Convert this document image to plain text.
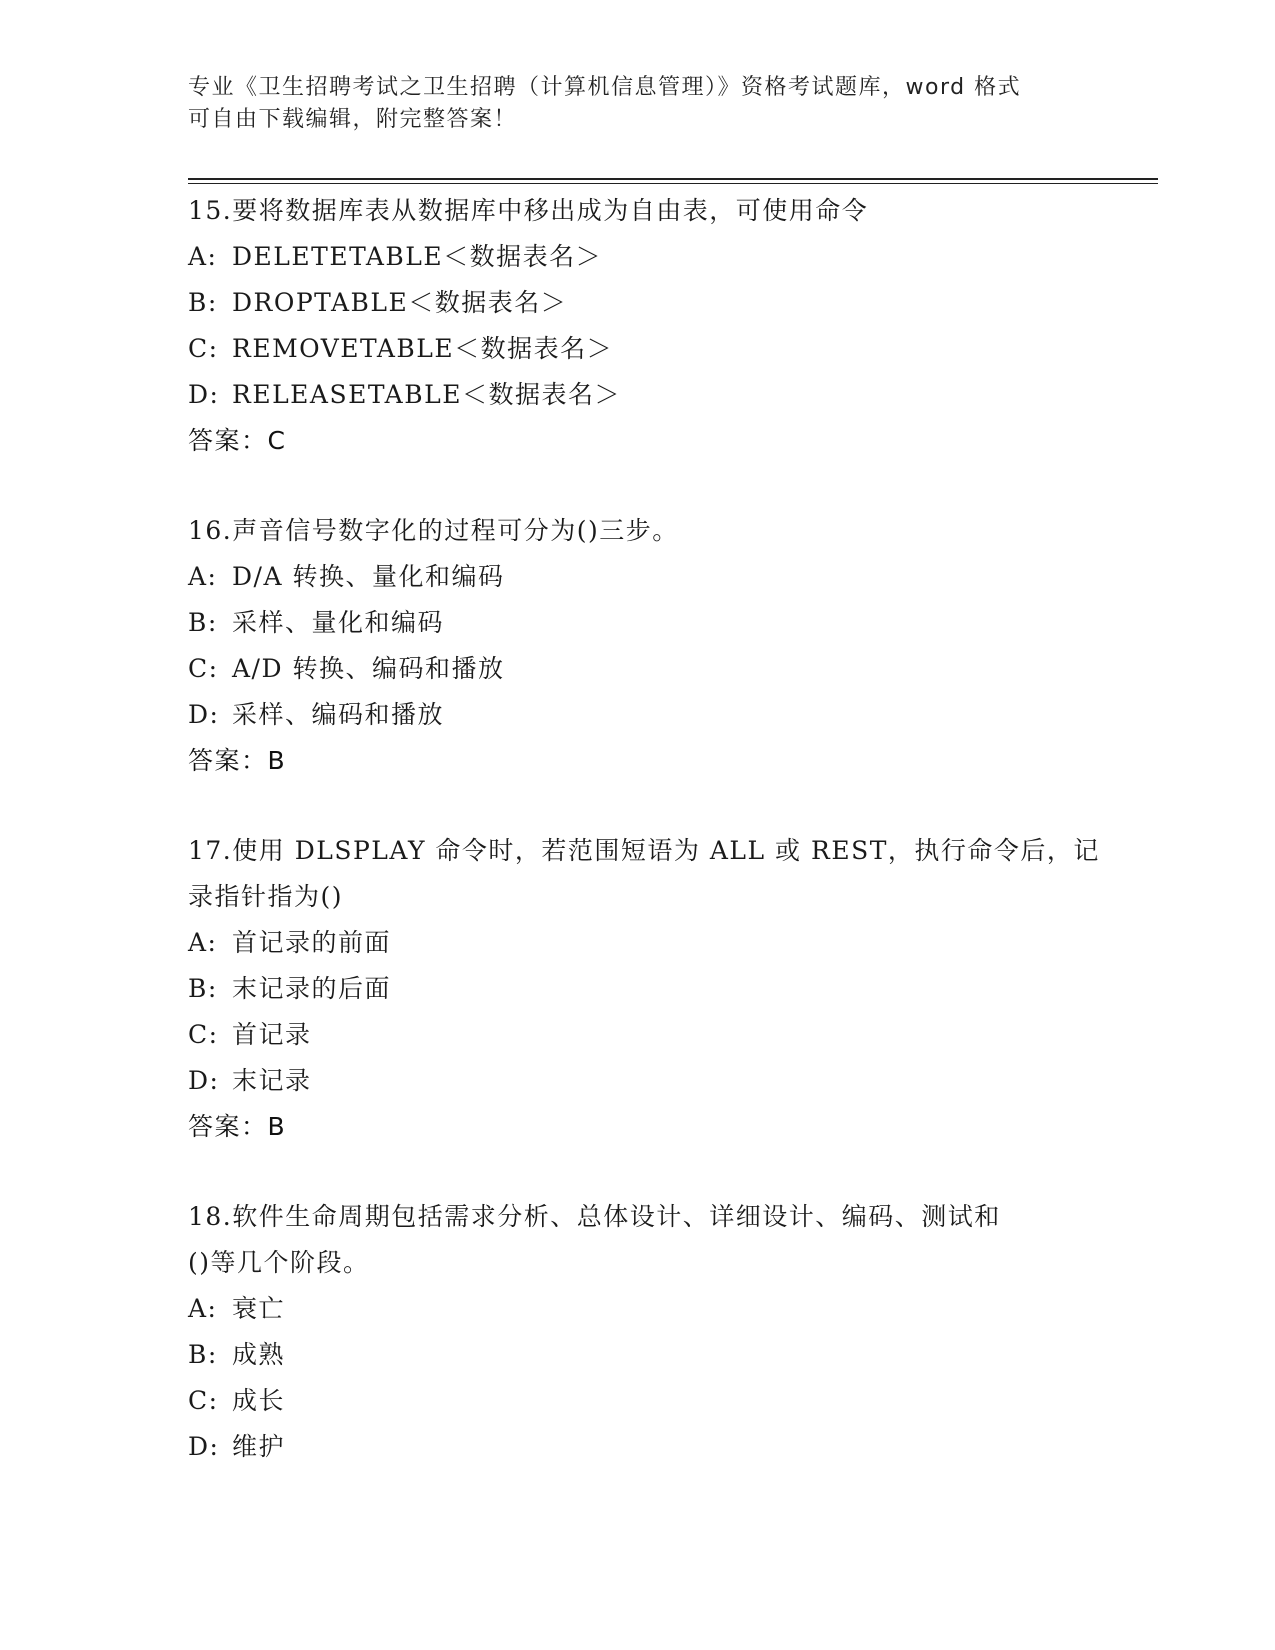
专业《卫生招聘考试之卫生招聘（计算机信息管理）》资格考试题库，word 格式
可自由下载编辑，附完整答案！
15.要将数据库表从数据库中移出成为自由表，可使用命令
A: DELETETABLE＜数据表名＞
B: DROPTABLE＜数据表名＞
C: REMOVETABLE＜数据表名＞
D: RELEASETABLE＜数据表名＞
答案：C
16.声音信号数字化的过程可分为()三步。
A: D/A 转换、量化和编码
B: 采样、量化和编码
C: A/D 转换、编码和播放
D: 采样、编码和播放
答案：B
17.使用 DLSPLAY 命令时，若范围短语为 ALL 或 REST，执行命令后，记
录指针指为()
A: 首记录的前面
B: 末记录的后面
C: 首记录
D: 末记录
答案：B
18.软件生命周期包括需求分析、总体设计、详细设计、编码、测试和
()等几个阶段。
A: 衰亡
B: 成熟
C: 成长
D: 维护
